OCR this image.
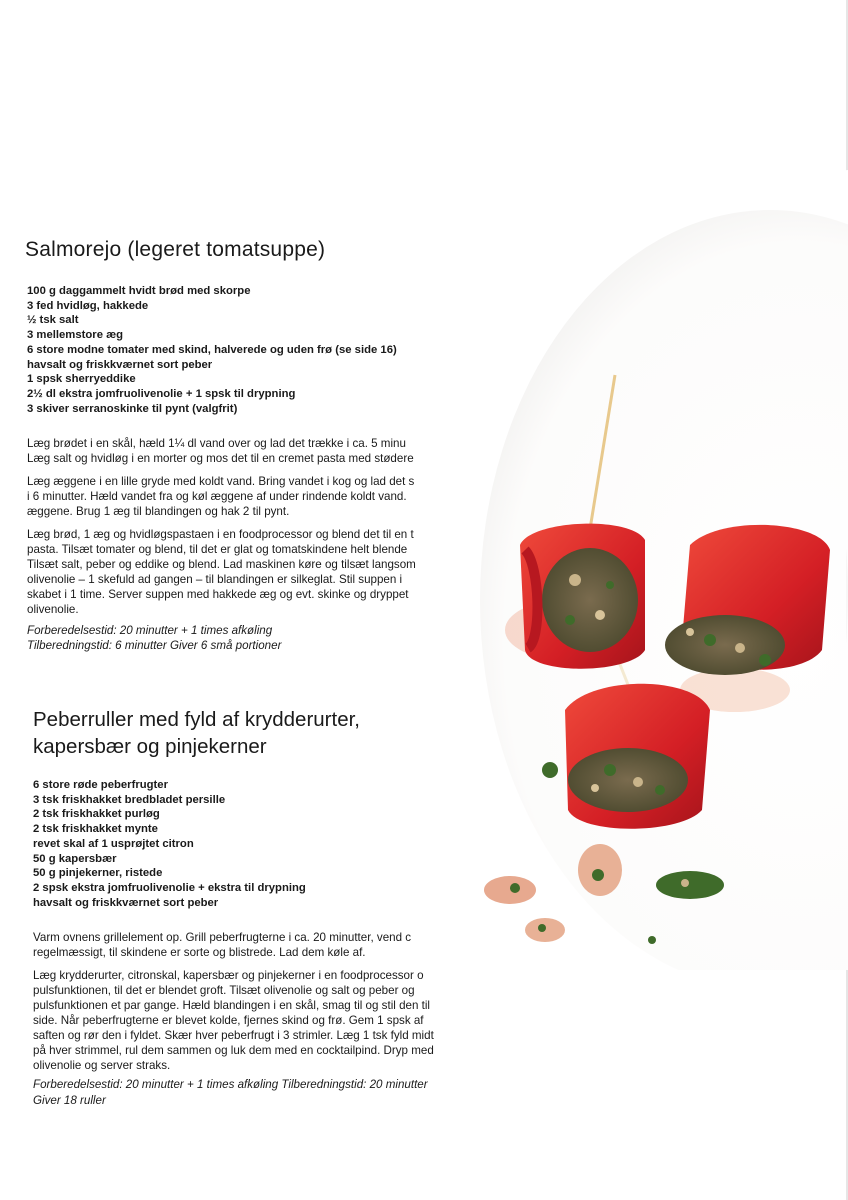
Salmorejo (legeret tomatsuppe)
100 g daggammelt hvidt brød med skorpe
3 fed hvidløg, hakkede
½ tsk salt
3 mellemstore æg
6 store modne tomater med skind, halverede og uden frø (se side 16)
havsalt og friskkværnet sort peber
1 spsk sherryeddike
2½ dl ekstra jomfruolivenolie + 1 spsk til drypning
3 skiver serranoskinke til pynt (valgfrit)

Læg brødet i en skål, hæld 1¼ dl vand over og lad det trække i ca. 5 minu
Læg salt og hvidløg i en morter og mos det til en cremet pasta med stødere

Læg æggene i en lille gryde med koldt vand. Bring vandet i kog og lad det s
i 6 minutter. Hæld vandet fra og køl æggene af under rindende koldt vand.
æggene. Brug 1 æg til blandingen og hak 2 til pynt.

Læg brød, 1 æg og hvidløgspastaen i en foodprocessor og blend det til en t
pasta. Tilsæt tomater og blend, til det er glat og tomatskindene helt blende
Tilsæt salt, peber og eddike og blend. Lad maskinen køre og tilsæt langsom
olivenolie – 1 skefuld ad gangen – til blandingen er silkeglat. Stil suppen i
skabet i 1 time. Server suppen med hakkede æg og evt. skinke og dryppet
olivenolie.

Forberedelsestid: 20 minutter + 1 times afkøling
Tilberedningstid: 6 minutter Giver 6 små portioner
Peberruller med fyld af krydderurter,
kapersbær og pinjekerner
6 store røde peberfrugter
3 tsk friskhakket bredbladet persille
2 tsk friskhakket purløg
2 tsk friskhakket mynte
revet skal af 1 usprøjtet citron
50 g kapersbær
50 g pinjekerner, ristede
2 spsk ekstra jomfruolivenolie + ekstra til drypning
havsalt og friskkværnet sort peber

Varm ovnens grillelement op. Grill peberfrugterne i ca. 20 minutter, vend c
regelmæssigt, til skindene er sorte og blistrede. Lad dem køle af.

Læg krydderurter, citronskal, kapersbær og pinjekerner i en foodprocessor o
pulsfunktionen, til det er blendet groft. Tilsæt olivenolie og salt og peber og
pulsfunktionen et par gange. Hæld blandingen i en skål, smag til og stil den til
side. Når peberfrugterne er blevet kolde, fjernes skind og frø. Gem 1 spsk af
saften og rør den i fyldet. Skær hver peberfrugt i 3 strimler. Læg 1 tsk fyld midt
på hver strimmel, rul dem sammen og luk dem med en cocktailpind. Dryp med
olivenolie og server straks.

Forberedelsestid: 20 minutter + 1 times afkøling Tilberedningstid: 20 minutter
Giver 18 ruller
